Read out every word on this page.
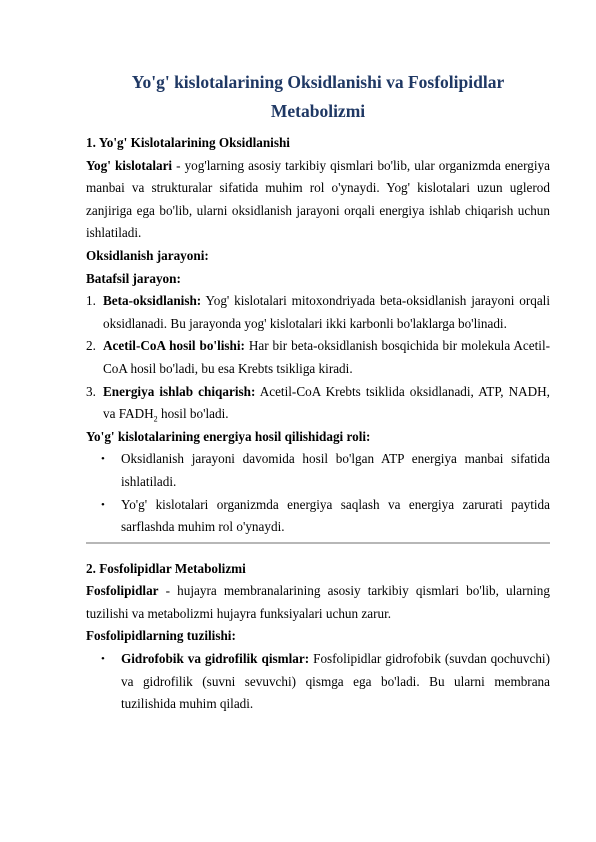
Yo'g' kislotalarining Oksidlanishi va Fosfolipidlar Metabolizmi

1. Yo'g' Kislotalarining Oksidlanishi

Yog' kislotalari - yog'larning asosiy tarkibiy qismlari bo'lib, ular organizmda energiya manbai va strukturalar sifatida muhim rol o'ynaydi. Yog' kislotalari uzun uglerod zanjiriga ega bo'lib, ularni oksidlanish jarayoni orqali energiya ishlab chiqarish uchun ishlatiladi.

Oksidlanish jarayoni:

Batafsil jarayon:

1. Beta-oksidlanish: Yog' kislotalari mitoxondriyada beta-oksidlanish jarayoni orqali oksidlanadi. Bu jarayonda yog' kislotalari ikki karbonli bo'laklarga bo'linadi.
2. Acetil-CoA hosil bo'lishi: Har bir beta-oksidlanish bosqichida bir molekula Acetil-CoA hosil bo'ladi, bu esa Krebts tsikliga kiradi.
3. Energiya ishlab chiqarish: Acetil-CoA Krebts tsiklida oksidlanadi, ATP, NADH, va $FADH_2$ hosil bo'ladi.

Yo'g' kislotalarining energiya hosil qilishidagi roli:

• Oksidlanish jarayoni davomida hosil bo'lgan ATP energiya manbai sifatida ishlatiladi.
• Yo'g' kislotalari organizmda energiya saqlash va energiya zarurati paytida sarflashda muhim rol o'ynaydi.

2. Fosfolipidlar Metabolizmi

Fosfolipidlar - hujayra membranalarining asosiy tarkibiy qismlari bo'lib, ularning tuzilishi va metabolizmi hujayra funksiyalari uchun zarur.

Fosfolipidlarning tuzilishi:

• Gidrofobik va gidrofilik qismlar: Fosfolipidlar gidrofobik (suvdan qochuvchi) va gidrofilik (suvni sevuvchi) qismga ega bo'ladi. Bu ularni membrana tuzilishida muhim qiladi.
